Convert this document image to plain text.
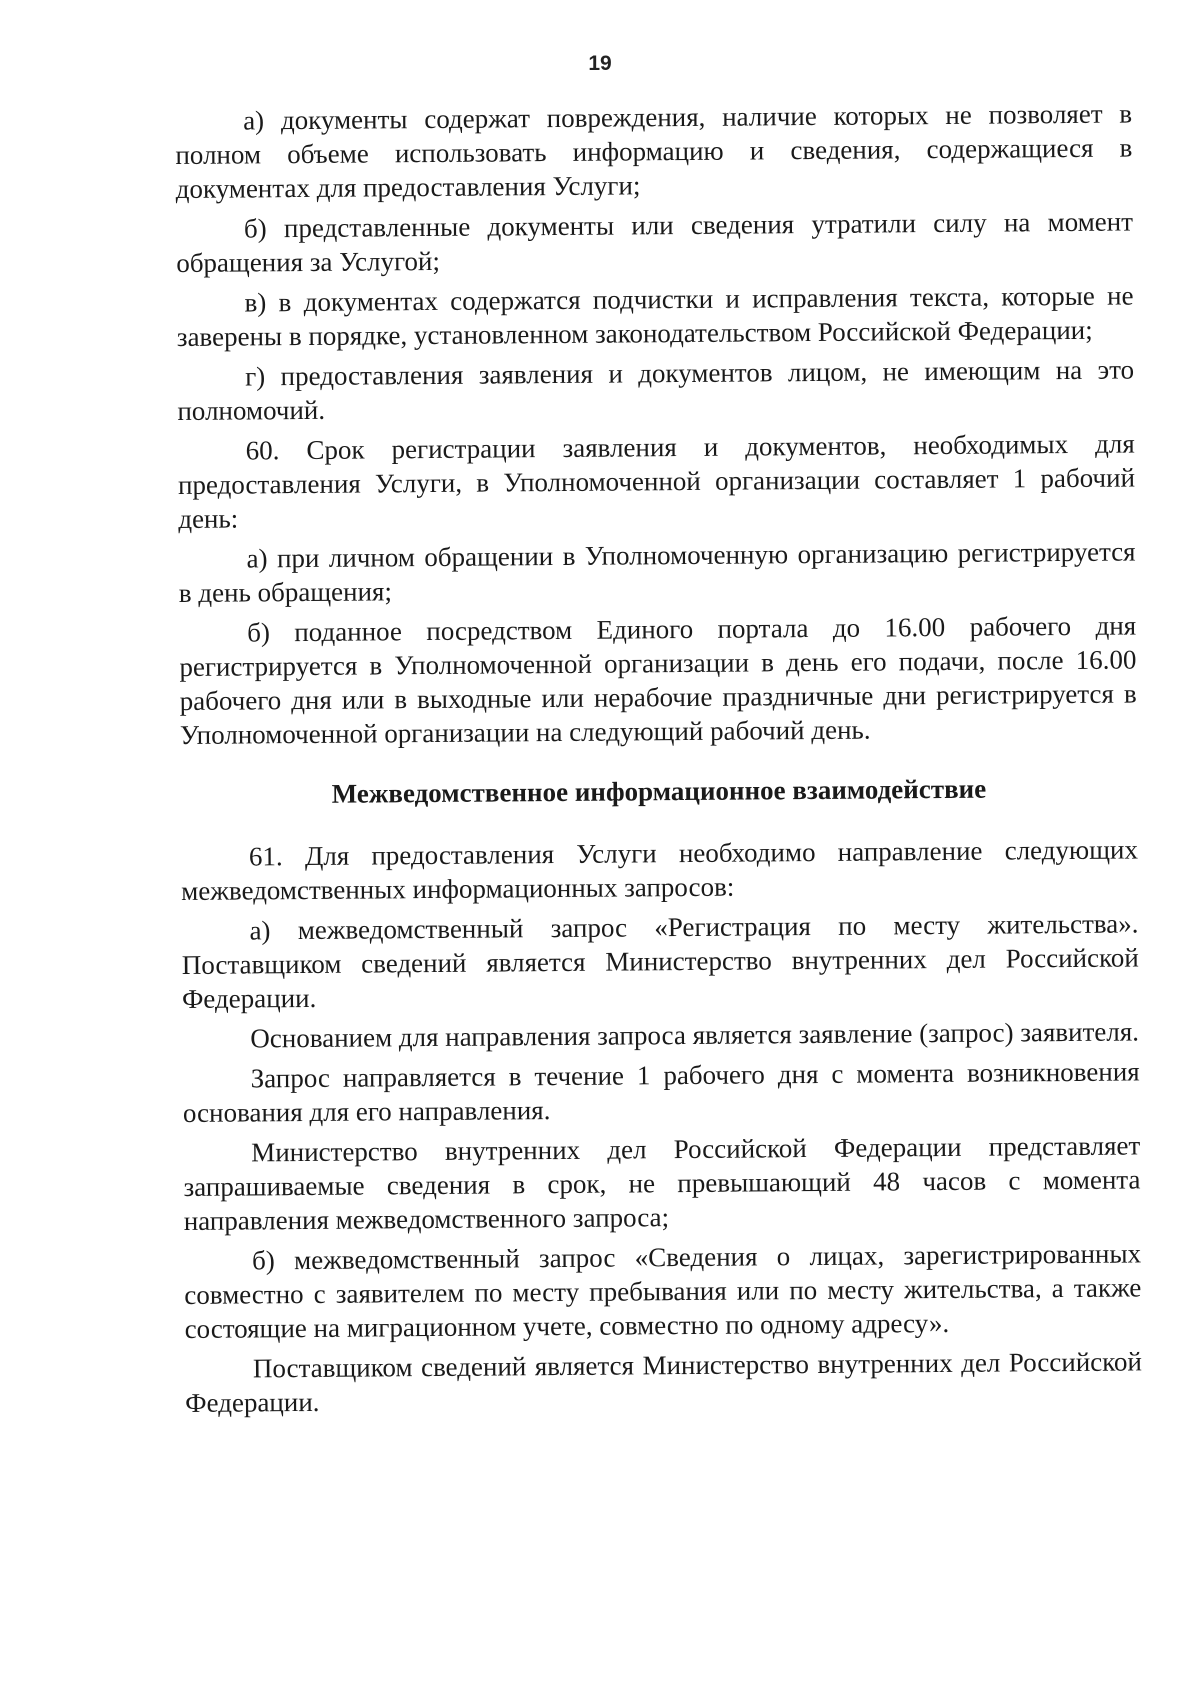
19

а) документы содержат повреждения, наличие которых не позволяет в полном объеме использовать информацию и сведения, содержащиеся в документах для предоставления Услуги;

б) представленные документы или сведения утратили силу на момент обращения за Услугой;

в) в документах содержатся подчистки и исправления текста, которые не заверены в порядке, установленном законодательством Российской Федерации;

г) предоставления заявления и документов лицом, не имеющим на это полномочий.

60. Срок регистрации заявления и документов, необходимых для предоставления Услуги, в Уполномоченной организации составляет 1 рабочий день:

а) при личном обращении в Уполномоченную организацию регистрируется в день обращения;

б) поданное посредством Единого портала до 16.00 рабочего дня регистрируется в Уполномоченной организации в день его подачи, после 16.00 рабочего дня или в выходные или нерабочие праздничные дни регистрируется в Уполномоченной организации на следующий рабочий день.

Межведомственное информационное взаимодействие

61. Для предоставления Услуги необходимо направление следующих межведомственных информационных запросов:

а) межведомственный запрос «Регистрация по месту жительства». Поставщиком сведений является Министерство внутренних дел Российской Федерации.

Основанием для направления запроса является заявление (запрос) заявителя.

Запрос направляется в течение 1 рабочего дня с момента возникновения основания для его направления.

Министерство внутренних дел Российской Федерации представляет запрашиваемые сведения в срок, не превышающий 48 часов с момента направления межведомственного запроса;

б) межведомственный запрос «Сведения о лицах, зарегистрированных совместно с заявителем по месту пребывания или по месту жительства, а также состоящие на миграционном учете, совместно по одному адресу».

Поставщиком сведений является Министерство внутренних дел Российской Федерации.
